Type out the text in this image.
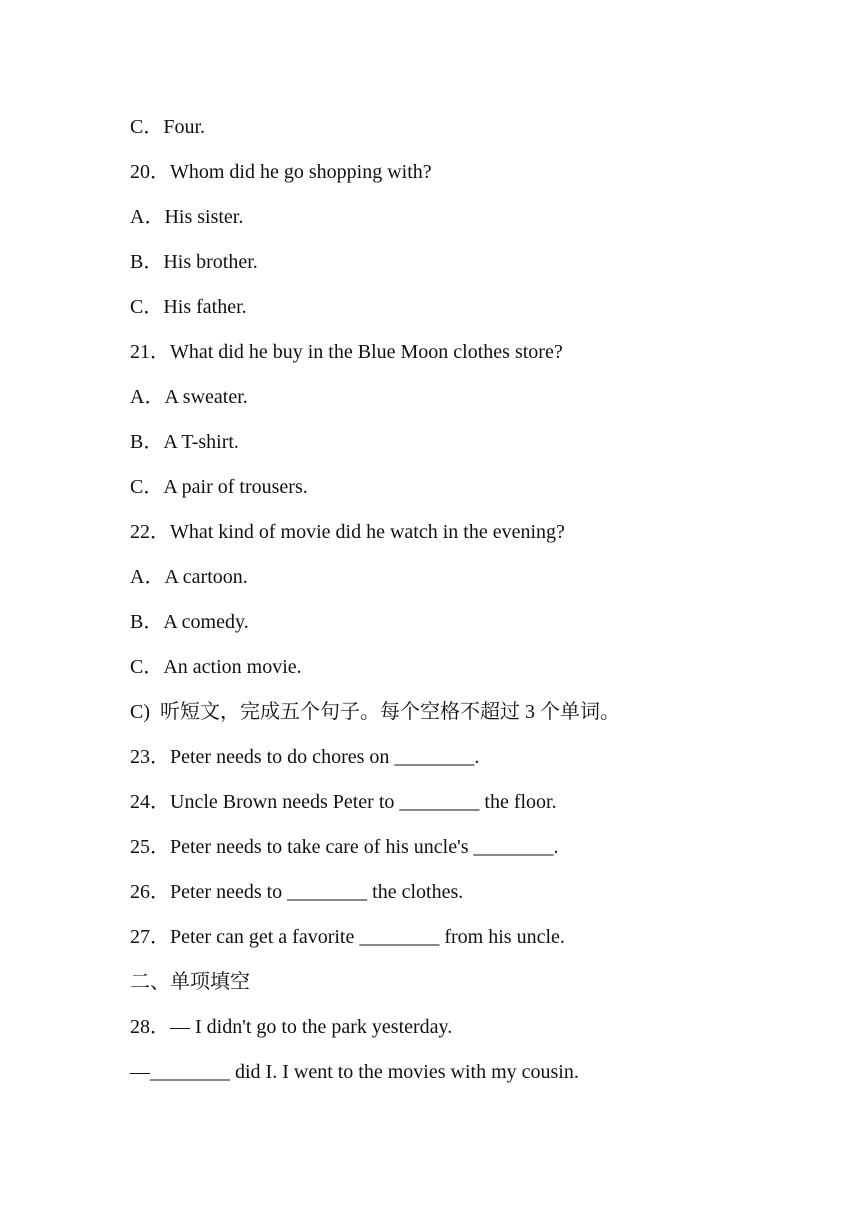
C．Four.

20．Whom did he go shopping with?

A．His sister.

B．His brother.

C．His father.

21．What did he buy in the Blue Moon clothes store?

A．A sweater.

B．A T-shirt.

C．A pair of trousers.

22．What kind of movie did he watch in the evening?

A．A cartoon.

B．A comedy.

C．An action movie.

C)  听短文，完成五个句子。每个空格不超过 3 个单词。

23．Peter needs to do chores on ________.

24．Uncle Brown needs Peter to ________ the floor.

25．Peter needs to take care of his uncle's ________.

26．Peter needs to ________ the clothes.

27．Peter can get a favorite ________ from his uncle.

二、单项填空

28．— I didn't go to the park yesterday.

—________ did I. I went to the movies with my cousin.
